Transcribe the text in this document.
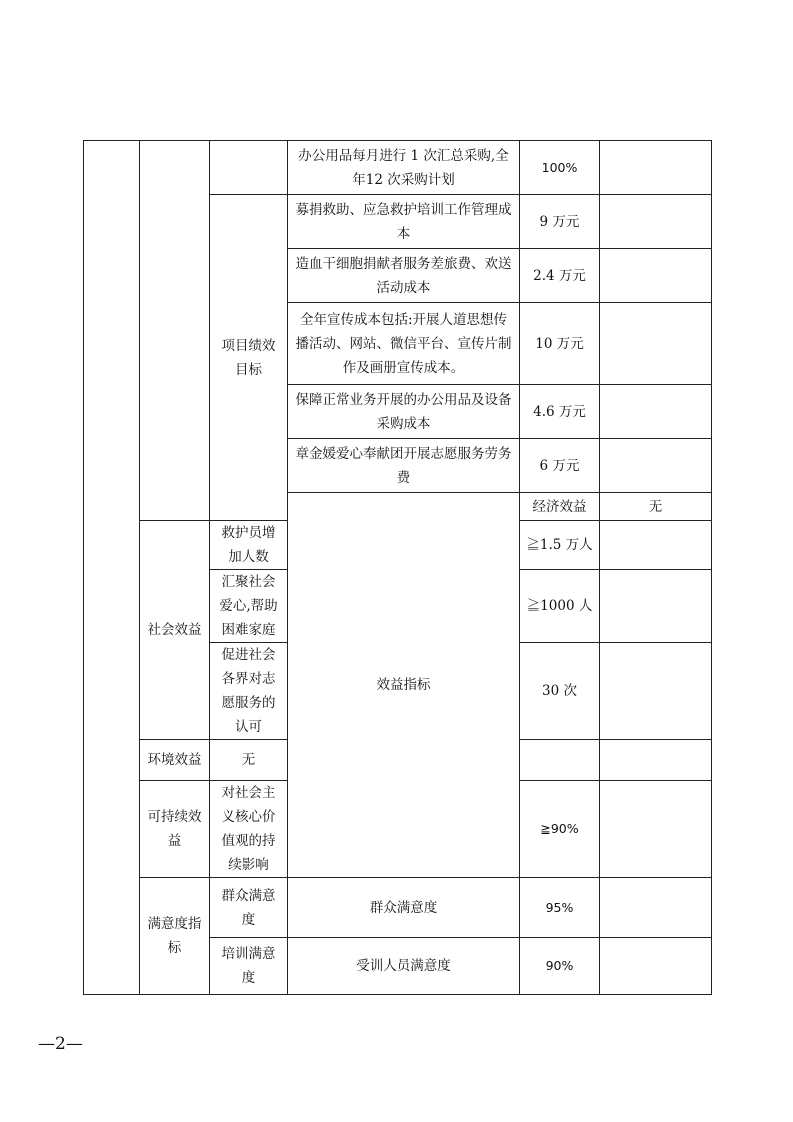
			办公用品每月进行 1 次汇总采购,全年12 次采购计划	100%		
		项目绩效目标	募捐救助、应急救护培训工作管理成本	9 万元		
			造血干细胞捐献者服务差旅费、欢送活动成本	2.4 万元		
			全年宣传成本包括:开展人道思想传播活动、网站、微信平台、宣传片制作及画册宣传成本。	10 万元		
			保障正常业务开展的办公用品及设备采购成本	4.6 万元		
			章金媛爱心奉献团开展志愿服务劳务费	6 万元		
			效益指标	经济效益	无		
	社会效益	救护员增加人数		≧1.5 万人		
		汇聚社会爱心,帮助困难家庭		≧1000 人		
		促进社会各界对志愿服务的认可		30 次		
	环境效益	无				
	可持续效益	对社会主义核心价值观的持续影响		≧90%		
	满意度指标	群众满意度	群众满意度	95%		
		培训满意度	受训人员满意度	90%		
—2—
